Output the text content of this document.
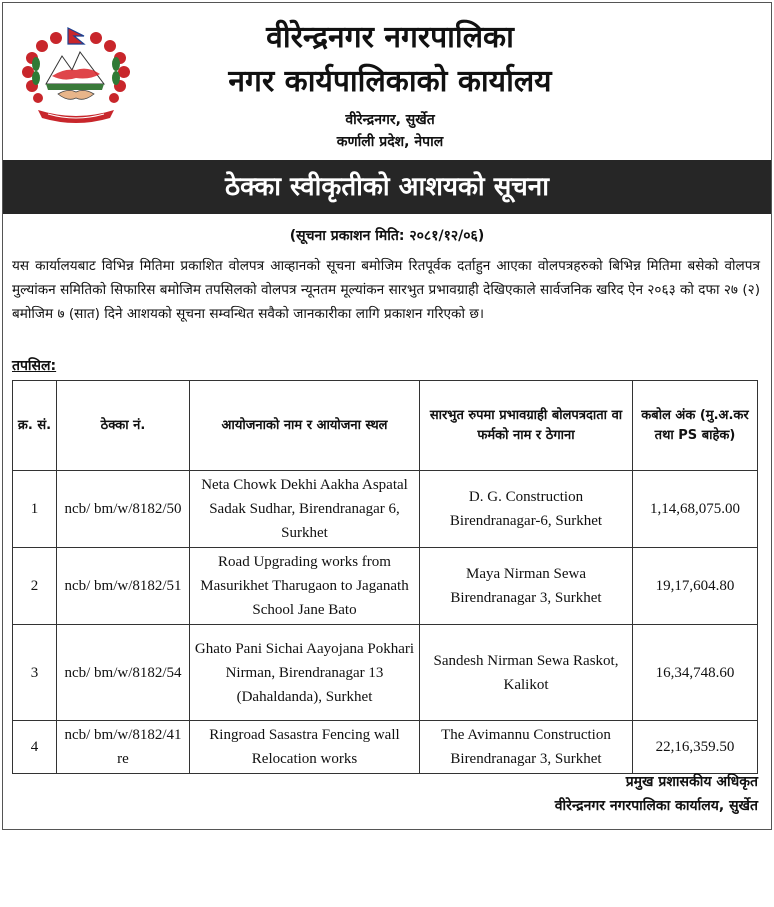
वीरेन्द्रनगर नगरपालिका
नगर कार्यपालिकाको कार्यालय
वीरेन्द्रनगर, सुर्खेत
कर्णाली प्रदेश, नेपाल
ठेक्का स्वीकृतीको आशयको सूचना
(सूचना प्रकाशन मिति: २०८१/१२/०६)
यस कार्यालयबाट विभिन्न मितिमा प्रकाशित वोलपत्र आव्हानको सूचना बमोजिम रितपूर्वक दर्ताहुन आएका वोलपत्रहरुको बिभिन्न मितिमा बसेको वोलपत्र मुल्यांकन समितिको सिफारिस बमोजिम तपसिलको वोलपत्र न्यूनतम मूल्यांकन सारभुत प्रभावग्राही देखिएकाले सार्वजनिक खरिद ऐन २०६३ को दफा २७ (२) बमोजिम ७ (सात) दिने आशयको सूचना सम्वन्धित सवैको जानकारीका लागि प्रकाशन गरिएको छ।
तपसिल:
क्र. सं.	ठेक्का नं.	आयोजनाको नाम र आयोजना स्थल	सारभुत रुपमा प्रभावग्राही बोलपत्रदाता वा फर्मको नाम र ठेगाना	कबोल अंक (मु.अ.कर तथा PS बाहेक)
1	ncb/ bm/w/8182/50	Neta Chowk Dekhi Aakha Aspatal Sadak Sudhar, Birendranagar 6, Surkhet	D. G. Construction Birendranagar-6, Surkhet	1,14,68,075.00
2	ncb/ bm/w/8182/51	Road Upgrading works from Masurikhet Tharugaon to Jaganath School Jane Bato	Maya Nirman Sewa Birendranagar 3, Surkhet	19,17,604.80
3	ncb/ bm/w/8182/54	Ghato Pani Sichai Aayojana Pokhari Nirman, Birendranagar 13 (Dahaldanda), Surkhet	Sandesh Nirman Sewa Raskot, Kalikot	16,34,748.60
4	ncb/ bm/w/8182/41 re	Ringroad Sasastra Fencing wall Relocation works	The Avimannu Construction Birendranagar 3, Surkhet	22,16,359.50
प्रमुख प्रशासकीय अधिकृत
वीरेन्द्रनगर नगरपालिका कार्यालय, सुर्खेत
